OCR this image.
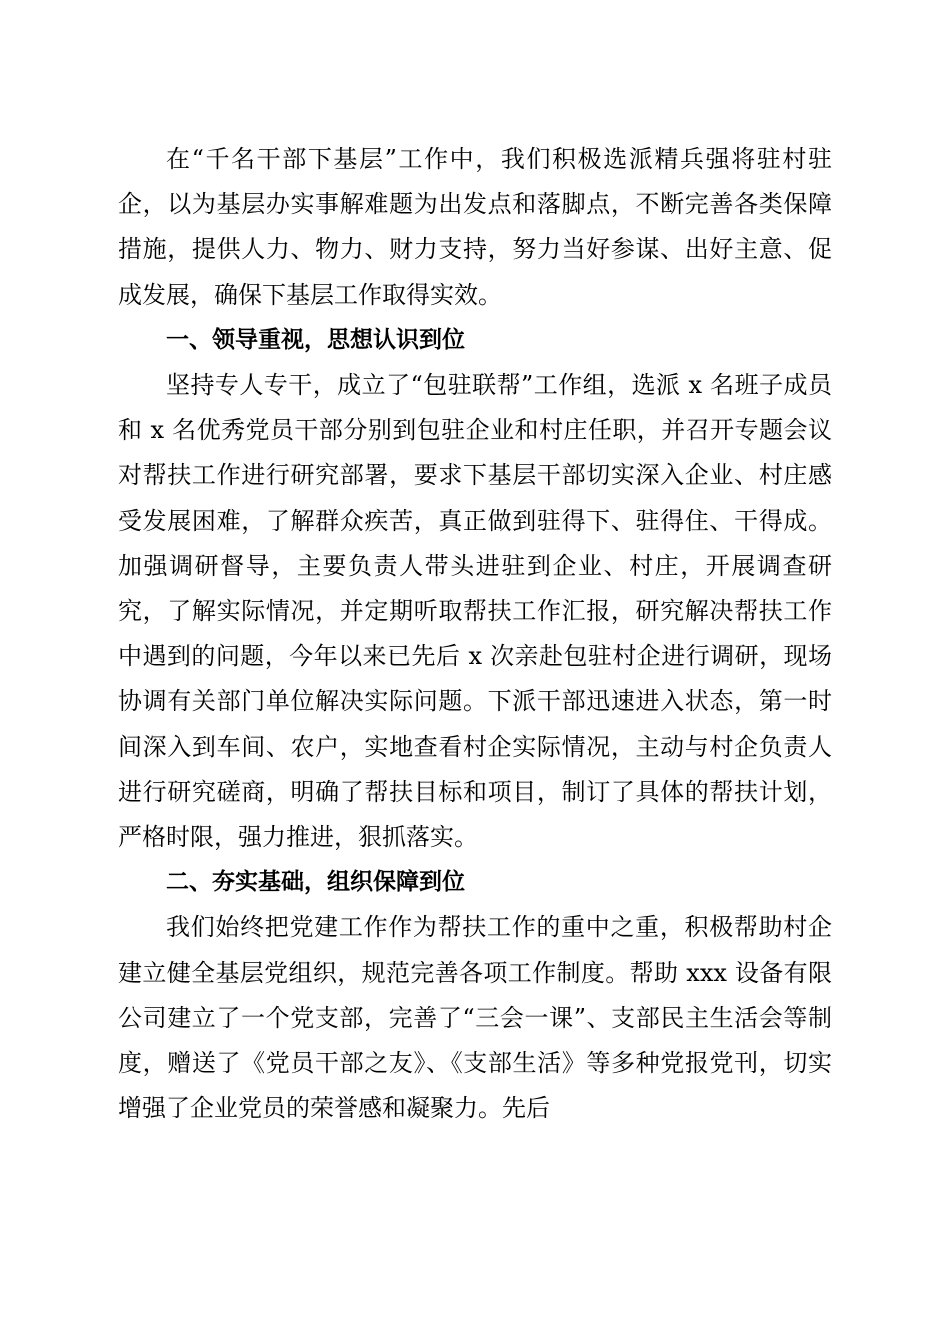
在“千名干部下基层”工作中，我们积极选派精兵强将驻村驻企，以为基层办实事解难题为出发点和落脚点，不断完善各类保障措施，提供人力、物力、财力支持，努力当好参谋、出好主意、促成发展，确保下基层工作取得实效。

一、领导重视，思想认识到位

坚持专人专干，成立了“包驻联帮”工作组，选派 x 名班子成员和 x 名优秀党员干部分别到包驻企业和村庄任职，并召开专题会议对帮扶工作进行研究部署，要求下基层干部切实深入企业、村庄感受发展困难，了解群众疾苦，真正做到驻得下、驻得住、干得成。加强调研督导，主要负责人带头进驻到企业、村庄，开展调查研究，了解实际情况，并定期听取帮扶工作汇报，研究解决帮扶工作中遇到的问题，今年以来已先后 x 次亲赴包驻村企进行调研，现场协调有关部门单位解决实际问题。下派干部迅速进入状态，第一时间深入到车间、农户，实地查看村企实际情况，主动与村企负责人进行研究磋商，明确了帮扶目标和项目，制订了具体的帮扶计划，严格时限，强力推进，狠抓落实。

二、夯实基础，组织保障到位

我们始终把党建工作作为帮扶工作的重中之重，积极帮助村企建立健全基层党组织，规范完善各项工作制度。帮助 xxx 设备有限公司建立了一个党支部，完善了“三会一课”、支部民主生活会等制度，赠送了《党员干部之友》、《支部生活》等多种党报党刊，切实增强了企业党员的荣誉感和凝聚力。先后
